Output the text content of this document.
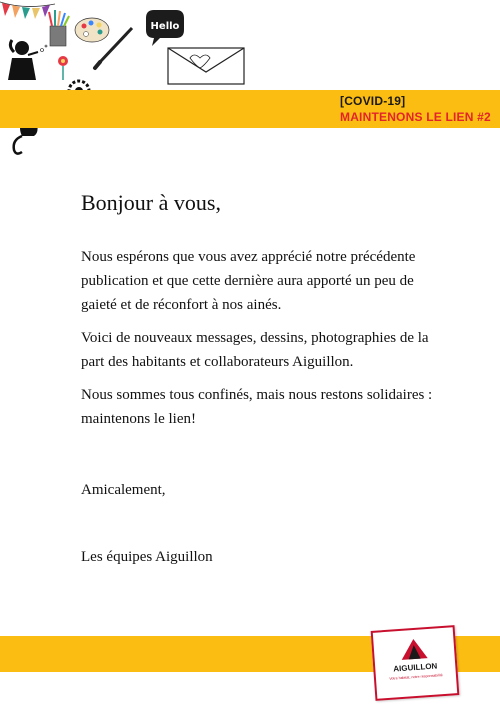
Hello
[COVID-19]
MAINTENONS LE LIEN #2
Bonjour à vous,

Nous espérons que vous avez apprécié notre précédente publication et que cette dernière aura apporté un peu de gaieté et de réconfort à nos ainés.

Voici de nouveaux messages, dessins, photographies de la part des habitants et collaborateurs Aiguillon.

Nous sommes tous confinés, mais nous restons solidaires : maintenons le lien!

Amicalement,
Les équipes Aiguillon
AIGUILLON
Votre habitat, notre responsabilité
